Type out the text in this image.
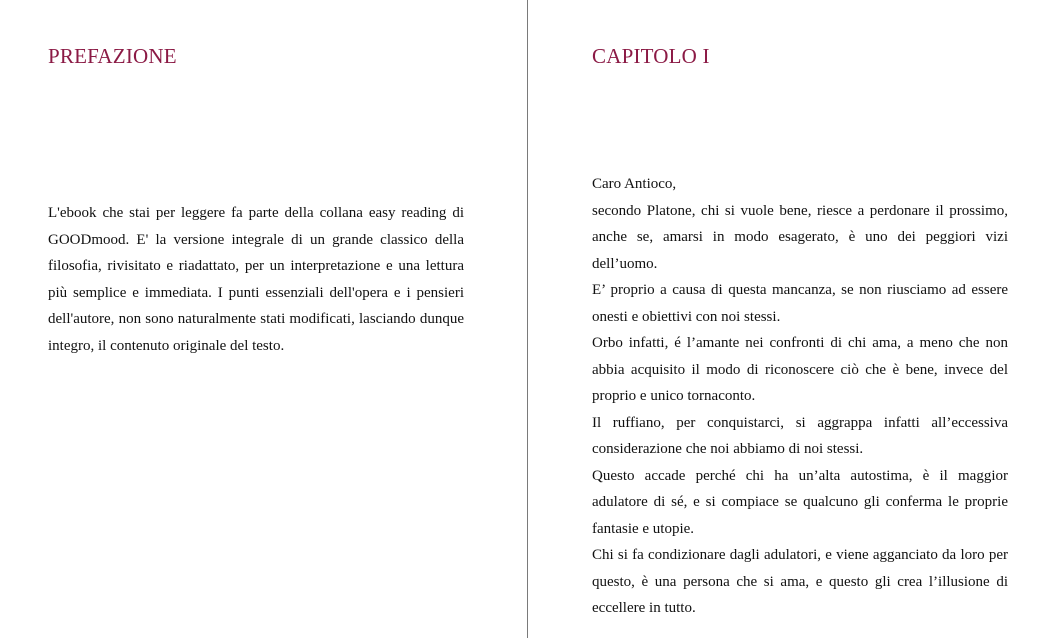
PREFAZIONE

L'ebook che stai per leggere fa parte della collana easy reading di GOODmood. E' la versione integrale di un grande classico della filosofia, rivisitato e riadattato, per un interpretazione e una lettura più semplice e immediata. I punti essenziali dell'opera e i pensieri dell'autore, non sono naturalmente stati modificati, lasciando dunque integro, il contenuto originale del testo.

CAPITOLO I

Caro Antioco,

secondo Platone, chi si vuole bene, riesce a perdonare il prossimo, anche se, amarsi in modo esagerato, è uno dei peggiori vizi dell’uomo.

E’ proprio a causa di questa mancanza, se non riusciamo ad essere onesti e obiettivi con noi stessi.

Orbo infatti, é l’amante nei confronti di chi ama, a meno che non abbia acquisito il modo di riconoscere ciò che è bene, invece del proprio e unico tornaconto.

Il ruffiano, per conquistarci, si aggrappa infatti all’eccessiva considerazione che noi abbiamo di noi stessi.

Questo accade perché chi ha un’alta autostima, è il maggior adulatore di sé, e si compiace se qualcuno gli conferma le proprie fantasie e utopie.

Chi si fa condizionare dagli adulatori, e viene agganciato da loro per questo, è una persona che si ama, e questo gli crea l’illusione di eccellere in tutto.
